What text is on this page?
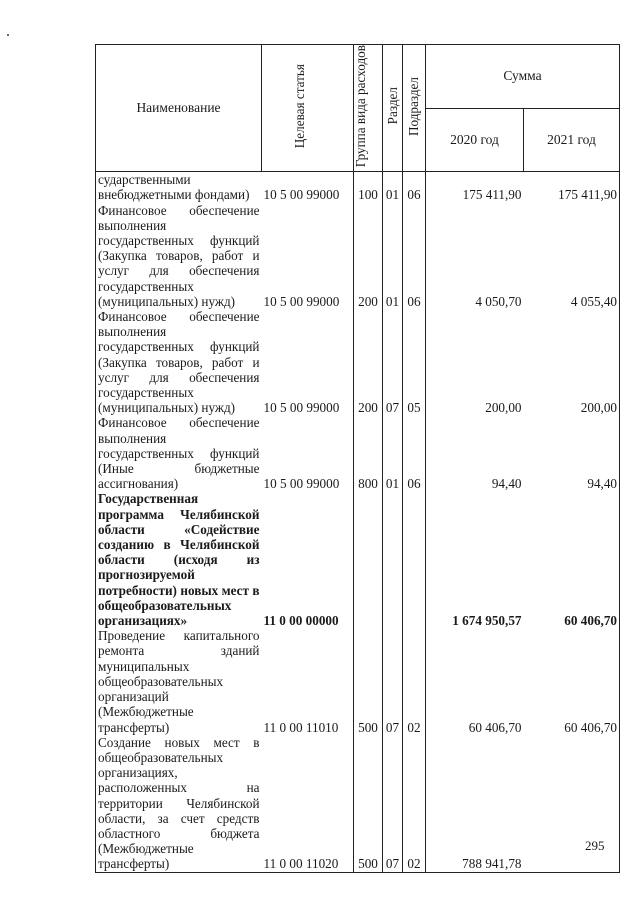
Наименование	Целевая статья	Группа вида расходов	Раздел	Подраздел	Сумма	
					2020 год	2021 год
сударственными внебюджетными фондами)	10 5 00 99000	100	01	06	175 411,90	175 411,90
Финансовое обеспечение выполнения государственных функций (Закупка товаров, работ и услуг для обеспечения государственных (муниципальных) нужд)	10 5 00 99000	200	01	06	4 050,70	4 055,40
Финансовое обеспечение выполнения государственных функций (Закупка товаров, работ и услуг для обеспечения государственных (муниципальных) нужд)	10 5 00 99000	200	07	05	200,00	200,00
Финансовое обеспечение выполнения государственных функций (Иные бюджетные ассигнования)	10 5 00 99000	800	01	06	94,40	94,40
Государственная программа Челябинской области «Содействие созданию в Челябинской области (исходя из прогнозируемой потребности) новых мест в общеобразовательных организациях»	11 0 00 00000				1 674 950,57	60 406,70
Проведение капитального ремонта зданий муниципальных общеобразовательных организаций (Межбюджетные трансферты)	11 0 00 11010	500	07	02	60 406,70	60 406,70
Создание новых мест в общеобразовательных организациях, расположенных на территории Челябинской области, за счет средств областного бюджета (Межбюджетные трансферты)	11 0 00 11020	500	07	02	788 941,78	
295
